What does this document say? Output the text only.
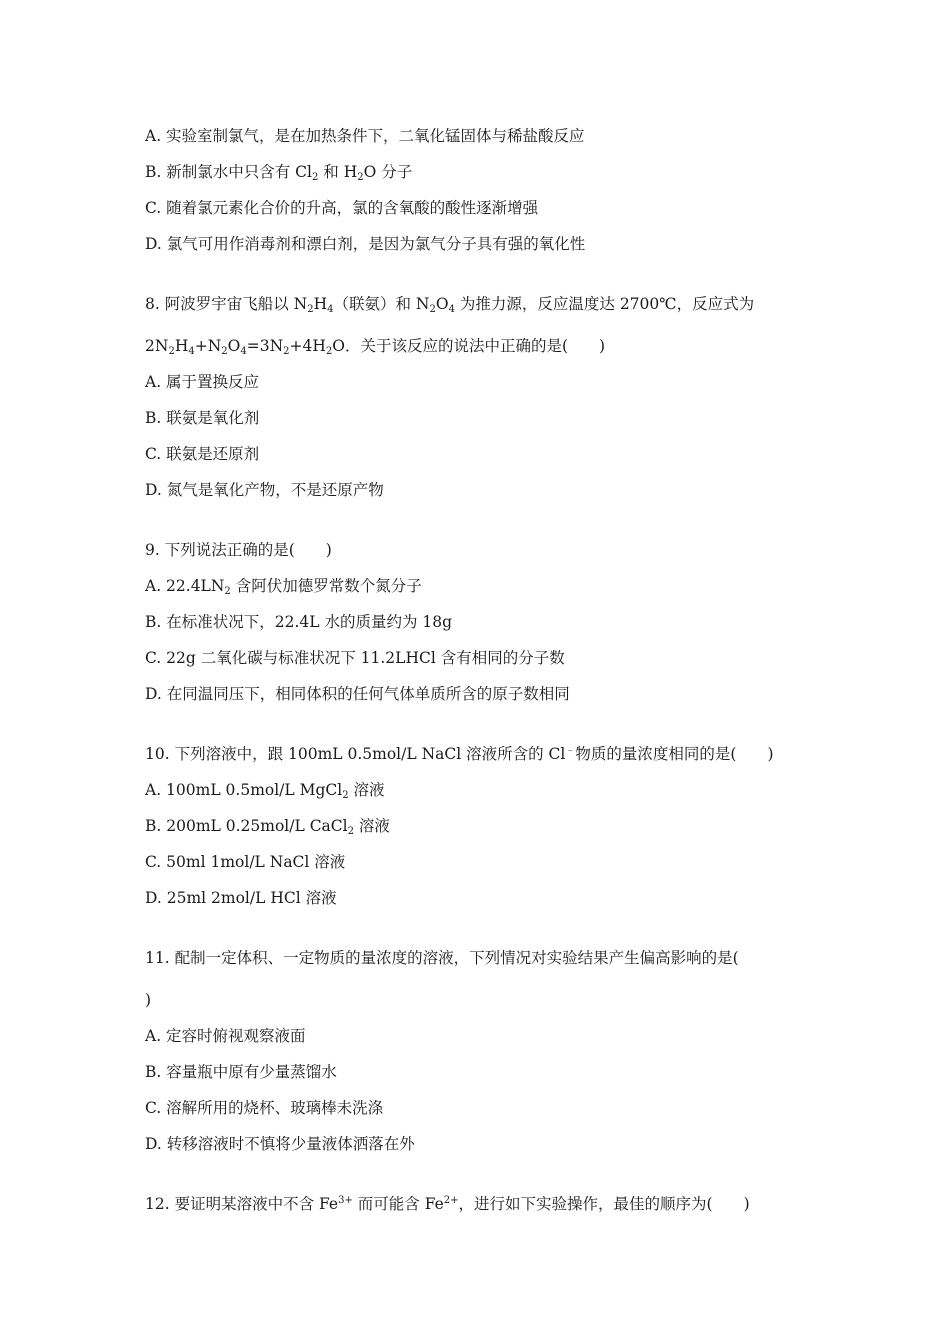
A. 实验室制氯气，是在加热条件下，二氧化锰固体与稀盐酸反应
B. 新制氯水中只含有 $Cl_2$ 和 $H_2O$ 分子
C. 随着氯元素化合价的升高，氯的含氧酸的酸性逐渐增强
D. 氯气可用作消毒剂和漂白剂，是因为氯气分子具有强的氧化性
8. 阿波罗宇宙飞船以 $N_2H_4$（联氨）和 $N_2O_4$ 为推力源，反应温度达 2700℃，反应式为
$2N_2H_4+N_2O_4=3N_2+4H_2O$．关于该反应的说法中正确的是(　　)
A. 属于置换反应
B. 联氨是氧化剂
C. 联氨是还原剂
D. 氮气是氧化产物，不是还原产物
9. 下列说法正确的是(　　)
A. $22.4LN_2$ 含阿伏加德罗常数个氮分子
B. 在标准状况下，22.4L 水的质量约为 18g
C. 22g 二氧化碳与标准状况下 11.2LHCl 含有相同的分子数
D. 在同温同压下，相同体积的任何气体单质所含的原子数相同
10. 下列溶液中，跟 100mL 0.5mol/L NaCl 溶液所含的 Cl﹣物质的量浓度相同的是(　　)
A. 100mL 0.5mol/L MgCl$_2$ 溶液
B. 200mL 0.25mol/L CaCl$_2$ 溶液
C. 50ml 1mol/L NaCl 溶液
D. 25ml 2mol/L HCl 溶液
11. 配制一定体积、一定物质的量浓度的溶液，下列情况对实验结果产生偏高影响的是(
)
A. 定容时俯视观察液面
B. 容量瓶中原有少量蒸馏水
C. 溶解所用的烧杯、玻璃棒未洗涤
D. 转移溶液时不慎将少量液体洒落在外
12. 要证明某溶液中不含 $Fe^{3+}$ 而可能含 $Fe^{2+}$，进行如下实验操作，最佳的顺序为(　　)
